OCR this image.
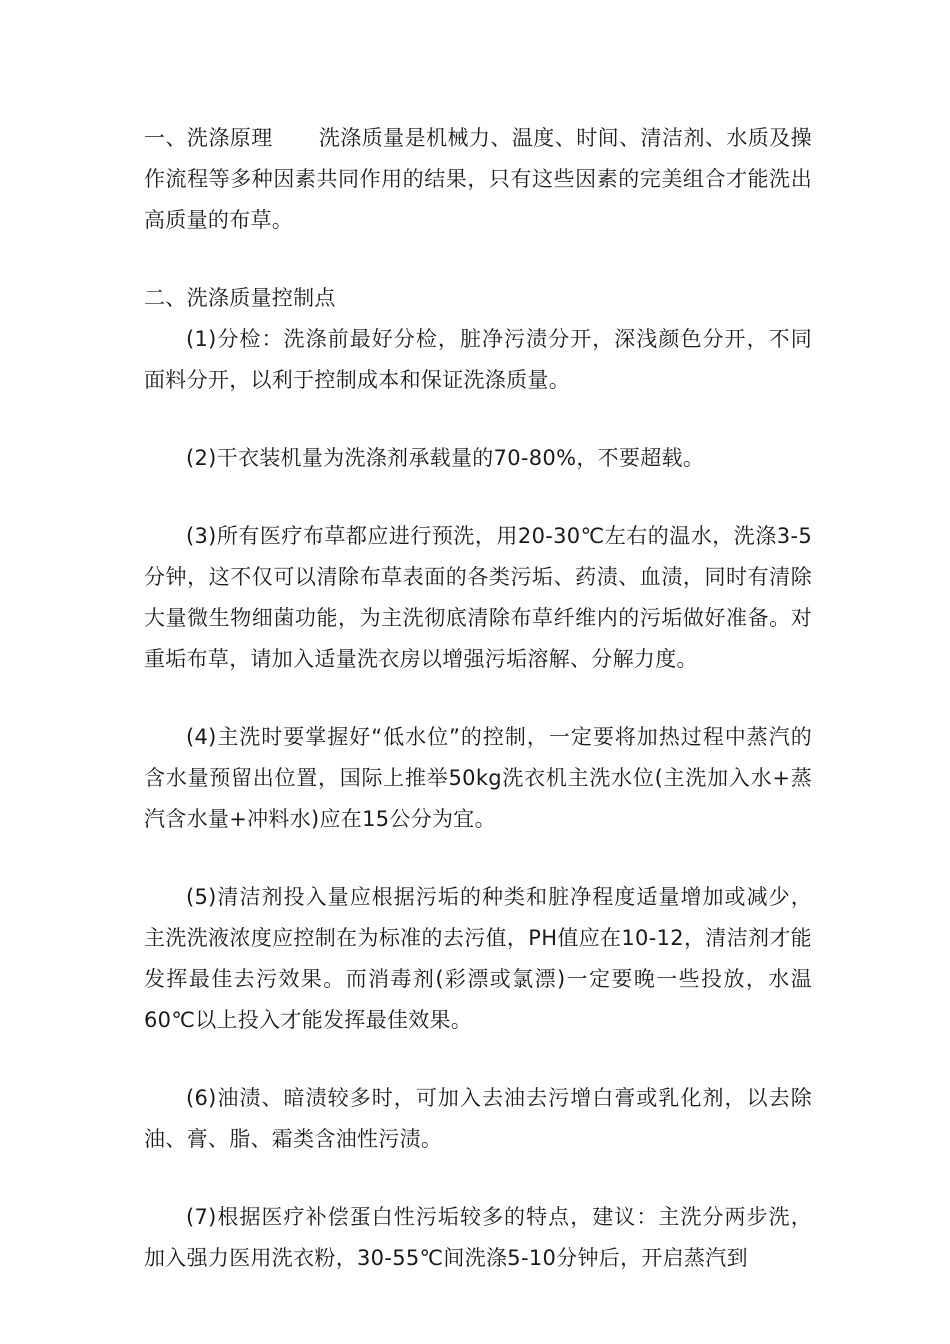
一、洗涤原理 洗涤质量是机械力、温度、时间、清洁剂、水质及操作流程等多种因素共同作用的结果，只有这些因素的完美组合才能洗出高质量的布草。

二、洗涤质量控制点

(1)分检：洗涤前最好分检，脏净污渍分开，深浅颜色分开，不同面料分开，以利于控制成本和保证洗涤质量。

(2)干衣装机量为洗涤剂承载量的70-80%，不要超载。

(3)所有医疗布草都应进行预洗，用20-30℃左右的温水，洗涤3-5分钟，这不仅可以清除布草表面的各类污垢、药渍、血渍，同时有清除大量微生物细菌功能，为主洗彻底清除布草纤维内的污垢做好准备。对重垢布草，请加入适量洗衣房以增强污垢溶解、分解力度。

(4)主洗时要掌握好“低水位”的控制，一定要将加热过程中蒸汽的含水量预留出位置，国际上推举50kg洗衣机主洗水位(主洗加入水+蒸汽含水量+冲料水)应在15公分为宜。

(5)清洁剂投入量应根据污垢的种类和脏净程度适量增加或减少，主洗洗液浓度应控制在为标准的去污值，PH值应在10-12，清洁剂才能发挥最佳去污效果。而消毒剂(彩漂或氯漂)一定要晚一些投放，水温60℃以上投入才能发挥最佳效果。

(6)油渍、暗渍较多时，可加入去油去污增白膏或乳化剂，以去除油、膏、脂、霜类含油性污渍。

(7)根据医疗补偿蛋白性污垢较多的特点，建议：主洗分两步洗，加入强力医用洗衣粉，30-55℃间洗涤5-10分钟后，开启蒸汽到
